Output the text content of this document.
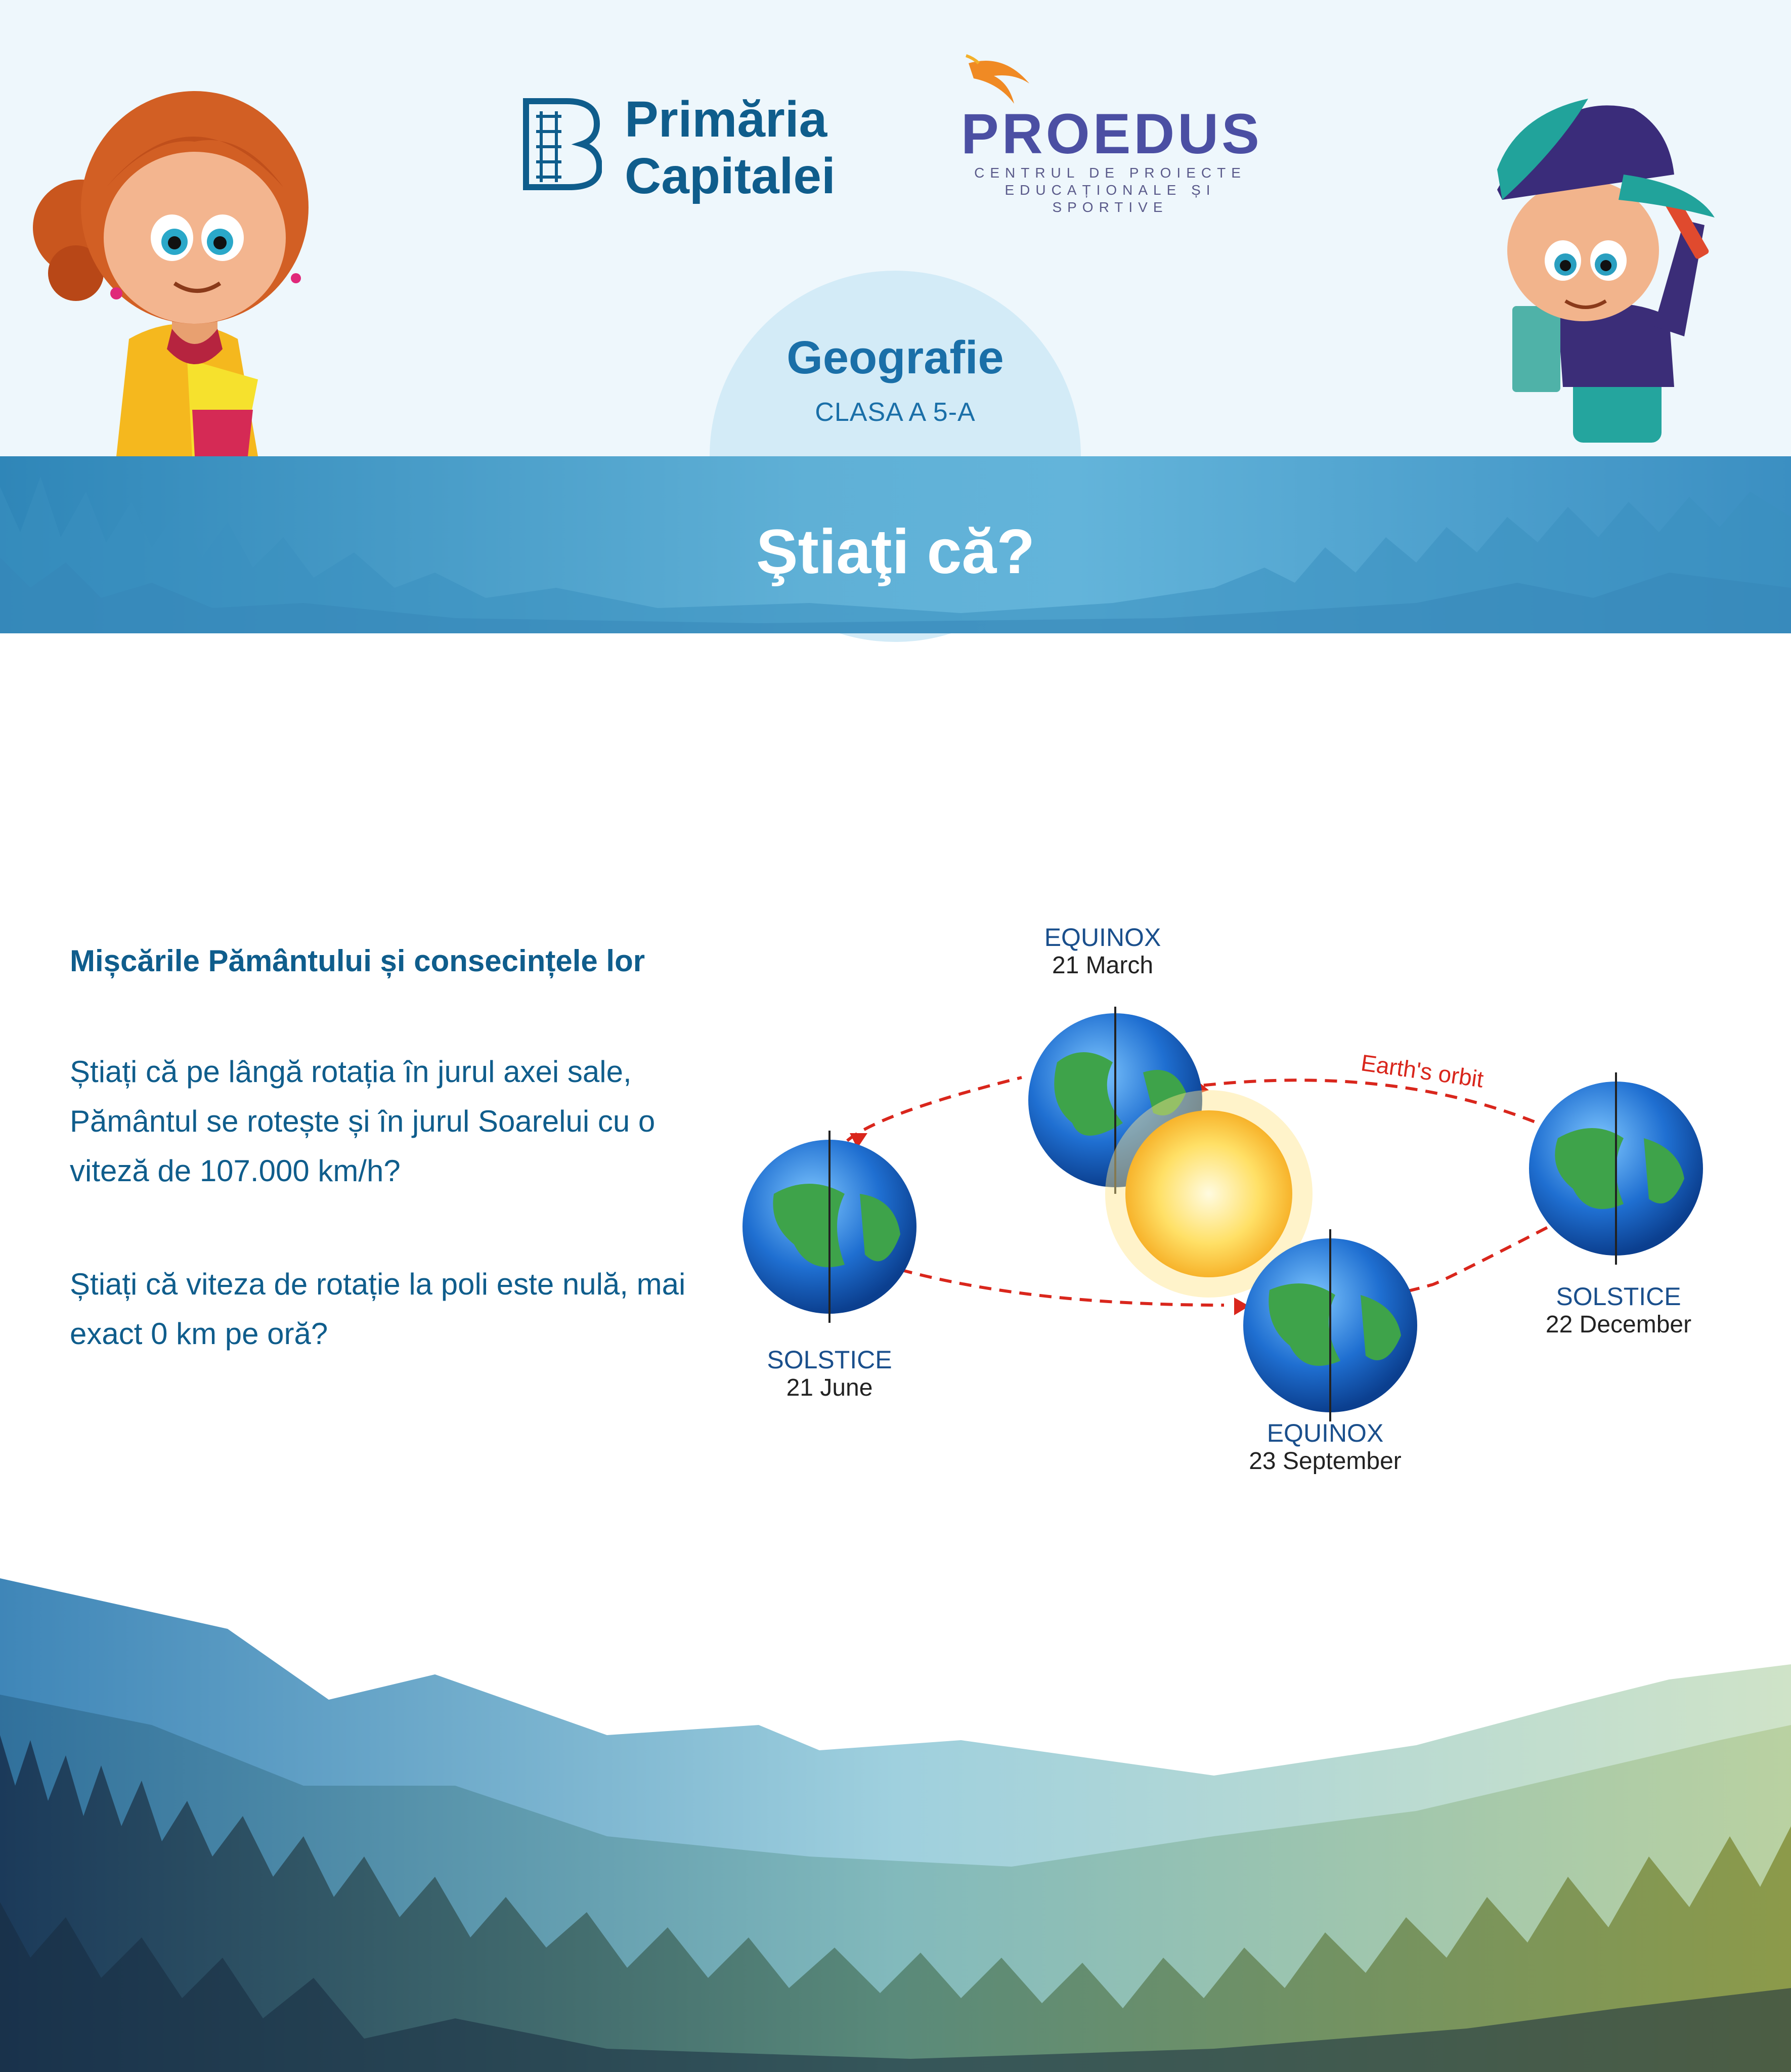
Primăria
Capitalei
PROEDUS
CENTRUL DE PROIECTE
EDUCAȚIONALE ȘI SPORTIVE
Geografie
CLASA A 5-A
Ştiaţi că?
Mișcările Pământului și consecințele lor
Știați că pe lângă rotația în jurul axei sale, Pământul se rotește și în jurul Soarelui cu o viteză de 107.000 km/h?
Știați că viteza de rotație la poli este nulă, mai exact 0 km pe oră?
EQUINOX
21 March
SOLSTICE
21 June
EQUINOX
23 September
SOLSTICE
22 December
Earth's orbit
